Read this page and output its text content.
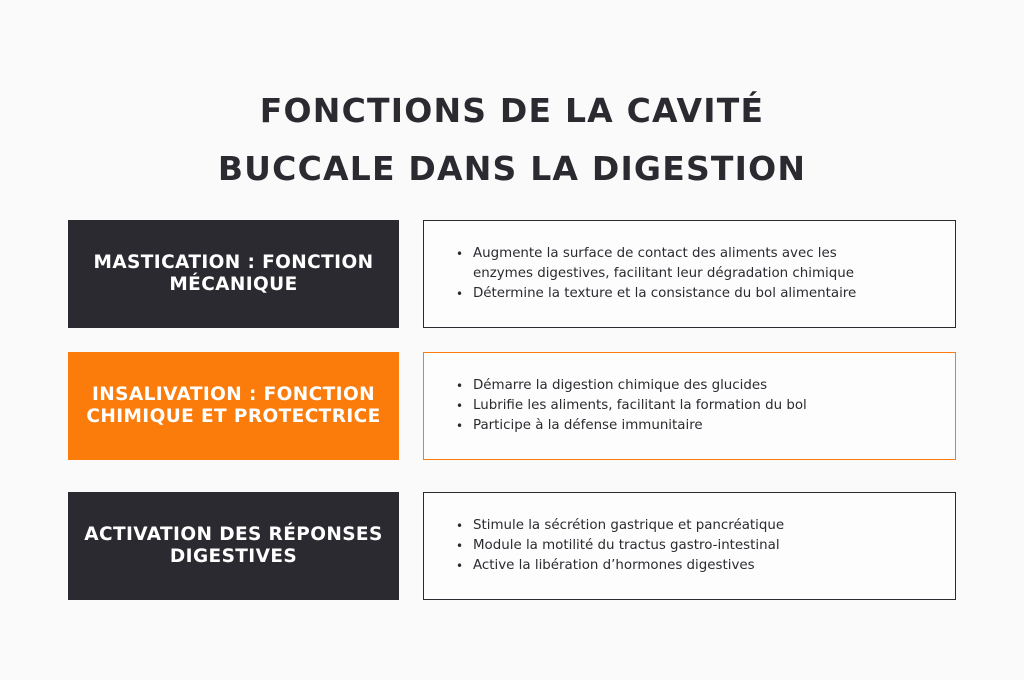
FONCTIONS DE LA CAVITÉ
BUCCALE DANS LA DIGESTION
MASTICATION : FONCTION
MÉCANIQUE
• Augmente la surface de contact des aliments avec les
enzymes digestives, facilitant leur dégradation chimique
• Détermine la texture et la consistance du bol alimentaire
INSALIVATION : FONCTION
CHIMIQUE ET PROTECTRICE
• Démarre la digestion chimique des glucides
• Lubrifie les aliments, facilitant la formation du bol
• Participe à la défense immunitaire
ACTIVATION DES RÉPONSES
DIGESTIVES
• Stimule la sécrétion gastrique et pancréatique
• Module la motilité du tractus gastro-intestinal
• Active la libération d’hormones digestives
